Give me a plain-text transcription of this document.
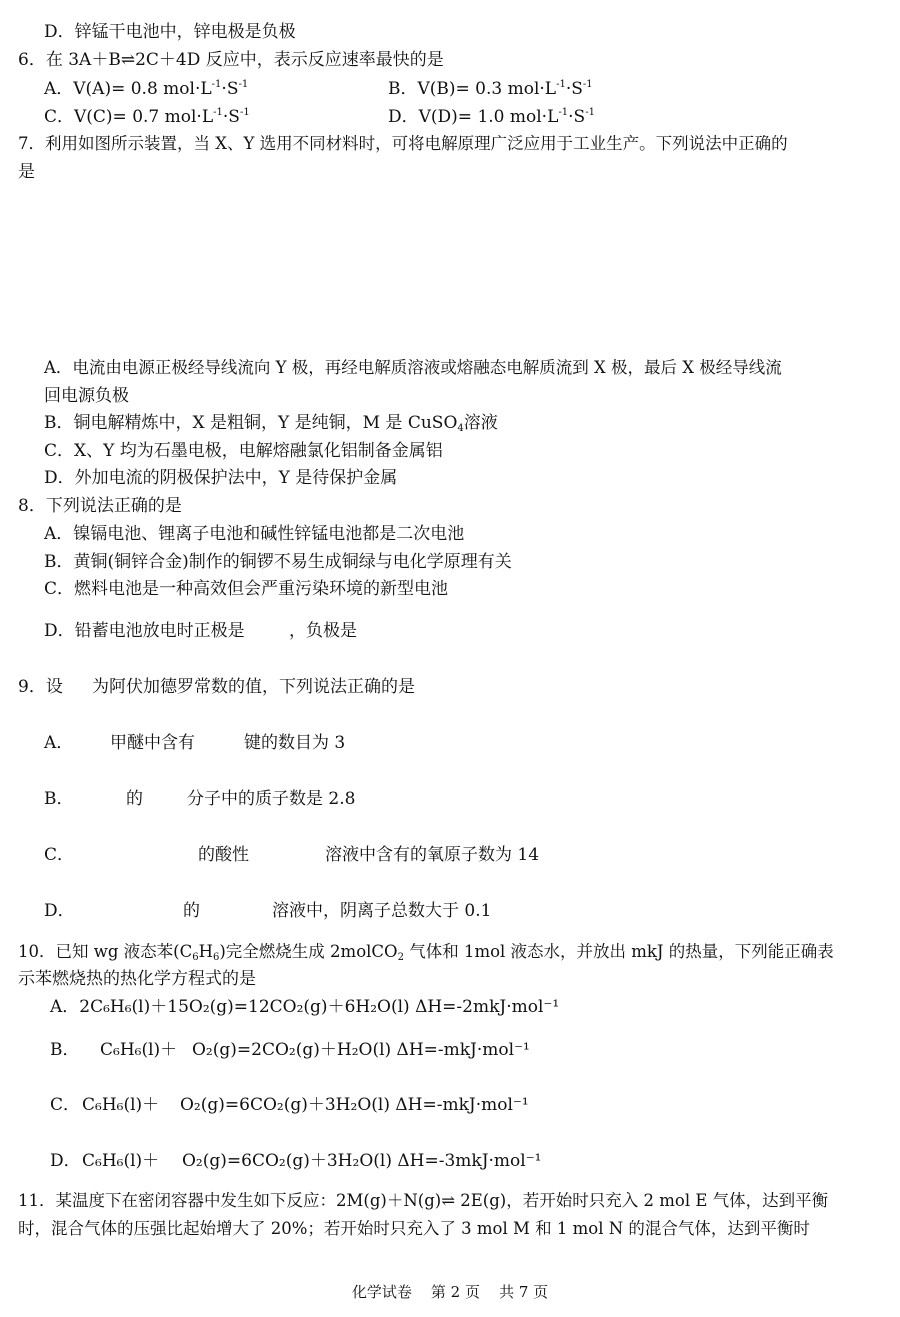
D．锌锰干电池中，锌电极是负极
6．在 3A＋B⇌2C＋4D 反应中，表示反应速率最快的是
A．V(A)= 0.8 $mol\cdot L^{-1}\cdot S^{-1}$	B．V(B)= 0.3 $mol\cdot L^{-1}\cdot S^{-1}$
C．V(C)= 0.7 $mol\cdot L^{-1}\cdot S^{-1}$	D．V(D)= 1.0 $mol\cdot L^{-1}\cdot S^{-1}$
7．利用如图所示装置，当 X、Y 选用不同材料时，可将电解原理广泛应用于工业生产。下列说法中正确的
是
A．电流由电源正极经导线流向 Y 极，再经电解质溶液或熔融态电解质流到 X 极，最后 X 极经导线流
回电源负极
B．铜电解精炼中，X 是粗铜，Y 是纯铜，M 是 CuSO$_4$溶液
C．X、Y 均为石墨电极，电解熔融氯化铝制备金属铝
D．外加电流的阴极保护法中，Y 是待保护金属
8．下列说法正确的是
A．镍镉电池、锂离子电池和碱性锌锰电池都是二次电池
B．黄铜(铜锌合金)制作的铜锣不易生成铜绿与电化学原理有关
C．燃料电池是一种高效但会严重污染环境的新型电池
D．铅蓄电池放电时正极是	，负极是
9．设 为阿伏加德罗常数的值，下列说法正确的是
A． 甲醚中含有	键的数目为 3
B．	的	分子中的质子数是 2.8
C．	的酸性	溶液中含有的氧原子数为 14
D．	的	溶液中，阴离子总数大于 0.1
10．已知 wg 液态苯$(C_6H_6)$完全燃烧生成 2molCO$_2$ 气体和 1mol 液态水，并放出 mkJ 的热量，下列能正确表
示苯燃烧热的热化学方程式的是
A．2C₆H₆(l)＋15O₂(g)=12CO₂(g)＋6H₂O(l) ΔH=-2mkJ·mol⁻¹
B． C₆H₆(l)＋ O₂(g)=2CO₂(g)＋H₂O(l) ΔH=-mkJ·mol⁻¹
C． C₆H₆(l)＋ O₂(g)=6CO₂(g)＋3H₂O(l) ΔH=-mkJ·mol⁻¹
D． C₆H₆(l)＋ O₂(g)=6CO₂(g)＋3H₂O(l) ΔH=-3mkJ·mol⁻¹
11．某温度下在密闭容器中发生如下反应：2M(g)＋N(g)⇌ 2E(g)，若开始时只充入 2 mol E 气体，达到平衡
时，混合气体的压强比起始增大了 20%；若开始时只充入了 3 mol M 和 1 mol N 的混合气体，达到平衡时
化学试卷 第 2 页 共 7 页
